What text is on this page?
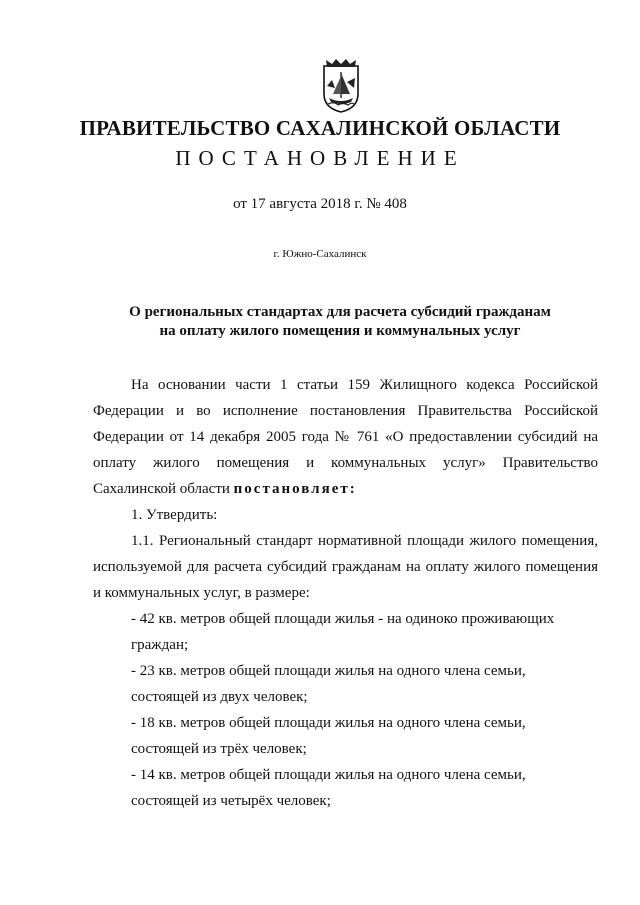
ПРАВИТЕЛЬСТВО САХАЛИНСКОЙ ОБЛАСТИ
ПОСТАНОВЛЕНИЕ
от 17 августа 2018 г. № 408
г. Южно-Сахалинск
О региональных стандартах для расчета субсидий гражданам
на оплату жилого помещения и коммунальных услуг

На основании части 1 статьи 159 Жилищного кодекса Российской Федерации и во исполнение постановления Правительства Российской Федерации от 14 декабря 2005 года № 761 «О предоставлении субсидий на оплату жилого помещения и коммунальных услуг» Правительство Сахалинской области постановляет:

1. Утвердить:

1.1. Региональный стандарт нормативной площади жилого помещения, используемой для расчета субсидий гражданам на оплату жилого помещения и коммунальных услуг, в размере:

- 42 кв. метров общей площади жилья - на одиноко проживающих
граждан;

- 23 кв. метров общей площади жилья на одного члена семьи,
состоящей из двух человек;

- 18 кв. метров общей площади жилья на одного члена семьи,
состоящей из трёх человек;

- 14 кв. метров общей площади жилья на одного члена семьи,
состоящей из четырёх человек;
